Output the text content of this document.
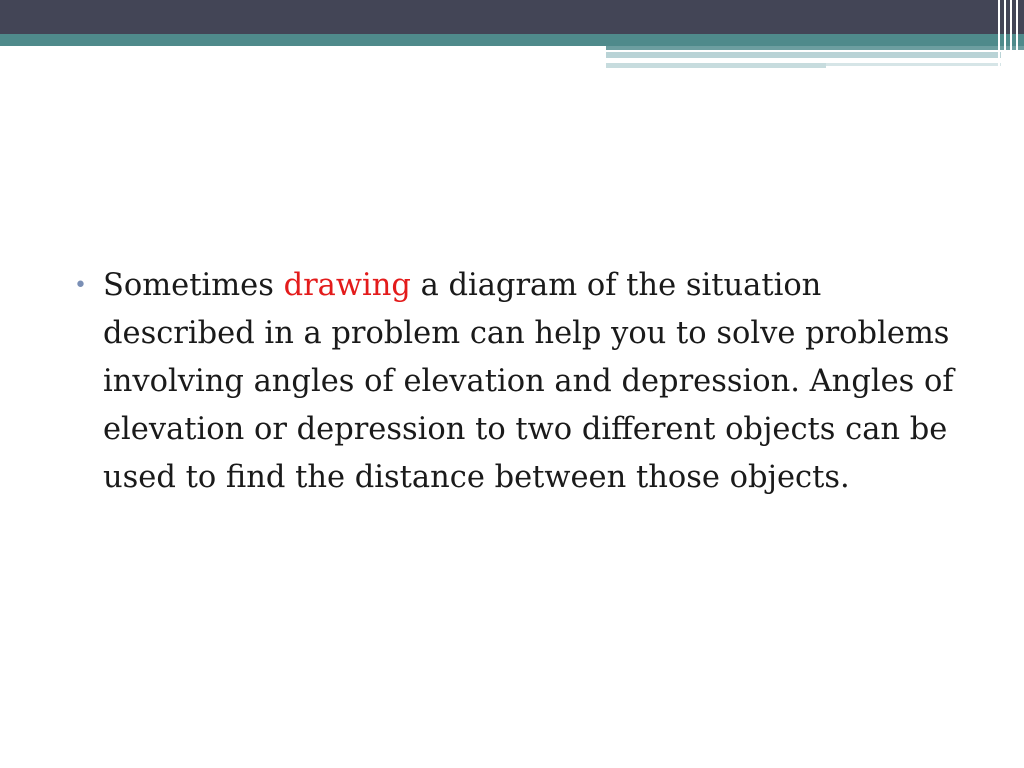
• Sometimes drawing a diagram of the situation described in a problem can help you to solve problems involving angles of elevation and depression. Angles of elevation or depression to two different objects can be used to find the distance between those objects.
